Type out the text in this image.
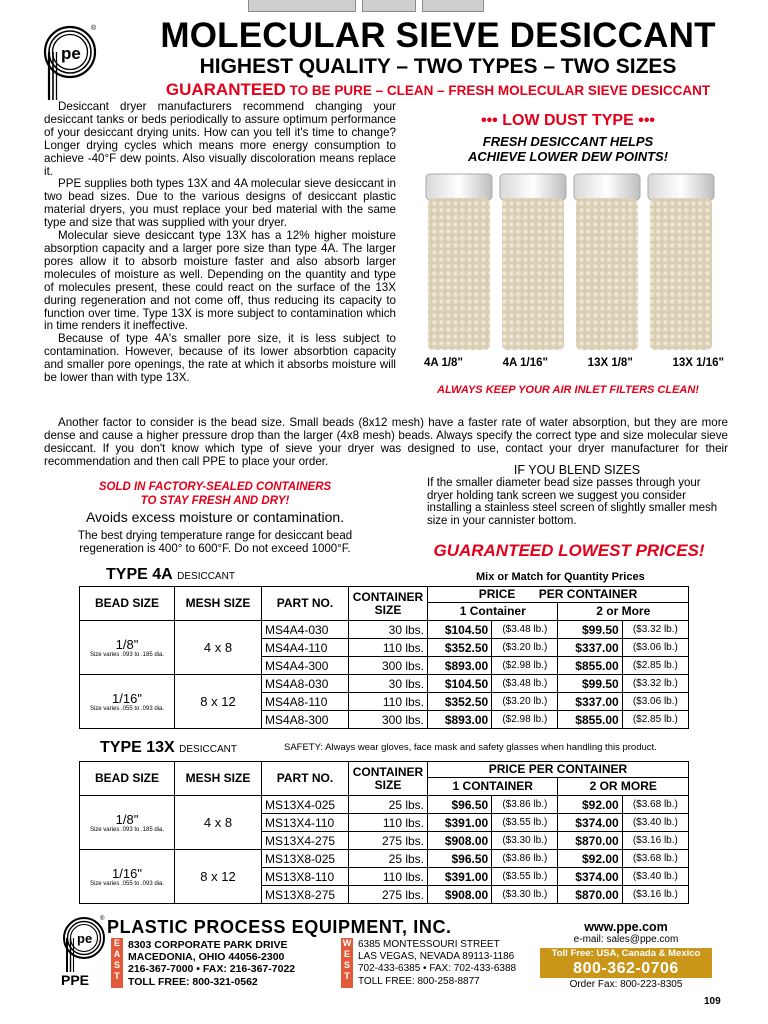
pe
®	MOLECULAR SIEVE DESICCANT
HIGHEST QUALITY – TWO TYPES – TWO SIZES
GUARANTEED TO BE PURE – CLEAN – FRESH MOLECULAR SIEVE DESICCANT

Desiccant dryer manufacturers recommend changing your desiccant tanks or beds periodically to assure optimum performance of your desiccant drying units. How can you tell it's time to change? Longer drying cycles which means more energy consumption to achieve -40°F dew points. Also visually discoloration means replace it.

PPE supplies both types 13X and 4A molecular sieve desiccant in two bead sizes. Due to the various designs of desiccant plastic material dryers, you must replace your bed material with the same type and size that was supplied with your dryer.

Molecular sieve desiccant type 13X has a 12% higher moisture absorption capacity and a larger pore size than type 4A. The larger pores allow it to absorb moisture faster and also absorb larger molecules of moisture as well. Depending on the quantity and type of molecules present, these could react on the surface of the 13X during regeneration and not come off, thus reducing its capacity to function over time. Type 13X is more subject to contamination which in time renders it ineffective.

Because of type 4A's smaller pore size, it is less subject to contamination. However, because of its lower absorbtion capacity and smaller pore openings, the rate at which it absorbs moisture will be lower than with type 13X.

••• LOW DUST TYPE •••
FRESH DESICCANT HELPS
ACHIEVE LOWER DEW POINTS!
4A 1/8"	4A 1/16"	13X 1/8"	13X 1/16"
ALWAYS KEEP YOUR AIR INLET FILTERS CLEAN!

Another factor to consider is the bead size. Small beads (8x12 mesh) have a faster rate of water absorption, but they are more dense and cause a higher pressure drop than the larger (4x8 mesh) beads. Always specify the correct type and size molecular sieve desiccant. If you don't know which type of sieve your dryer was designed to use, contact your dryer manufacturer for their recommendation and then call PPE to place your order.

SOLD IN FACTORY-SEALED CONTAINERS
TO STAY FRESH AND DRY!
Avoids excess moisture or contamination.
The best drying temperature range for desiccant bead regeneration is 400° to 600°F. Do not exceed 1000°F.
IF YOU BLEND SIZES
If the smaller diameter bead size passes through your dryer holding tank screen we suggest you consider installing a stainless steel screen of slightly smaller mesh size in your cannister bottom.
GUARANTEED LOWEST PRICES!
TYPE 4A DESICCANT	Mix or Match for Quantity Prices
BEAD SIZE	MESH SIZE	PART NO.	CONTAINER SIZE	PRICE PER CONTAINER			
				1 Container		2 or More	
1/8"
Size varies .093 to .185 dia.	4 x 8	MS4A4-030	30 lbs.	$104.50	($3.48 lb.)	$99.50	($3.32 lb.)
		MS4A4-110	110 lbs.	$352.50	($3.20 lb.)	$337.00	($3.06 lb.)
		MS4A4-300	300 lbs.	$893.00	($2.98 lb.)	$855.00	($2.85 lb.)
1/16"
Size varies .055 to .093 dia.	8 x 12	MS4A8-030	30 lbs.	$104.50	($3.48 lb.)	$99.50	($3.32 lb.)
		MS4A8-110	110 lbs.	$352.50	($3.20 lb.)	$337.00	($3.06 lb.)
		MS4A8-300	300 lbs.	$893.00	($2.98 lb.)	$855.00	($2.85 lb.)
TYPE 13X DESICCANT	SAFETY: Always wear gloves, face mask and safety glasses when handling this product.
BEAD SIZE	MESH SIZE	PART NO.	CONTAINER SIZE	PRICE PER CONTAINER			
				1 CONTAINER		2 OR MORE	
1/8"
Size varies .093 to .185 dia.	4 x 8	MS13X4-025	25 lbs.	$96.50	($3.86 lb.)	$92.00	($3.68 lb.)
		MS13X4-110	110 lbs.	$391.00	($3.55 lb.)	$374.00	($3.40 lb.)
		MS13X4-275	275 lbs.	$908.00	($3.30 lb.)	$870.00	($3.16 lb.)
1/16"
Size varies .055 to .093 dia.	8 x 12	MS13X8-025	25 lbs.	$96.50	($3.86 lb.)	$92.00	($3.68 lb.)
		MS13X8-110	110 lbs.	$391.00	($3.55 lb.)	$374.00	($3.40 lb.)
		MS13X8-275	275 lbs.	$908.00	($3.30 lb.)	$870.00	($3.16 lb.)
pe
®
PPE
PLASTIC PROCESS EQUIPMENT, INC.
E
A
S
T
8303 CORPORATE PARK DRIVE
MACEDONIA, OHIO 44056-2300
216-367-7000 • FAX: 216-367-7022
TOLL FREE: 800-321-0562
W
E
S
T
6385 MONTESSOURI STREET
LAS VEGAS, NEVADA 89113-1186
702-433-6385 • FAX: 702-433-6388
TOLL FREE: 800-258-8877
www.ppe.com
e-mail: sales@ppe.com
Toll Free: USA, Canada & Mexico
800-362-0706
Order Fax: 800-223-8305
109
